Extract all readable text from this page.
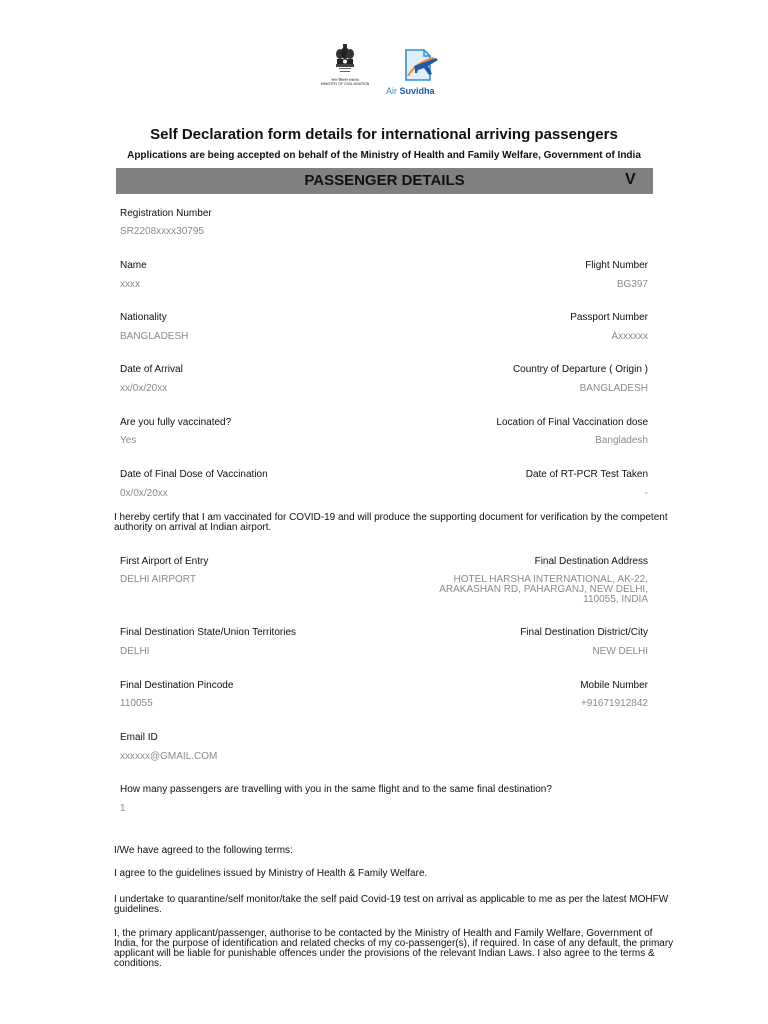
नागर विमानन मंत्रालय
MINISTRY OF CIVIL AVIATION
Air Suvidha
Self Declaration form details for international arriving passengers
Applications are being accepted on behalf of the Ministry of Health and Family Welfare, Government of India
PASSENGER DETAILS	V
Registration Number
SR2208xxxx30795
Name
xxxx
Flight Number
BG397
Nationality
BANGLADESH
Passport Number
Axxxxxx
Date of Arrival
xx/0x/20xx
Country of Departure ( Origin )
BANGLADESH
Are you fully vaccinated?
Yes
Location of Final Vaccination dose
Bangladesh
Date of Final Dose of Vaccination
0x/0x/20xx
Date of RT-PCR Test Taken
-
I hereby certify that I am vaccinated for COVID-19 and will produce the supporting document for verification by the competent authority on arrival at Indian airport.
First Airport of Entry
DELHI AIRPORT
Final Destination Address
HOTEL HARSHA INTERNATIONAL, AK-22, ARAKASHAN RD, PAHARGANJ, NEW DELHI, 110055, INDIA
Final Destination State/Union Territories
DELHI
Final Destination District/City
NEW DELHI
Final Destination Pincode
110055
Mobile Number
+91671912842
Email ID
xxxxxx@GMAIL.COM
How many passengers are travelling with you in the same flight and to the same final destination?
1
I/We have agreed to the following terms:
I agree to the guidelines issued by Ministry of Health & Family Welfare.
I undertake to quarantine/self monitor/take the self paid Covid-19 test on arrival as applicable to me as per the latest MOHFW guidelines.
I, the primary applicant/passenger, authorise to be contacted by the Ministry of Health and Family Welfare, Government of India, for the purpose of identification and related checks of my co-passenger(s), if required. In case of any default, the primary applicant will be liable for punishable offences under the provisions of the relevant Indian Laws. I also agree to the terms & conditions.
